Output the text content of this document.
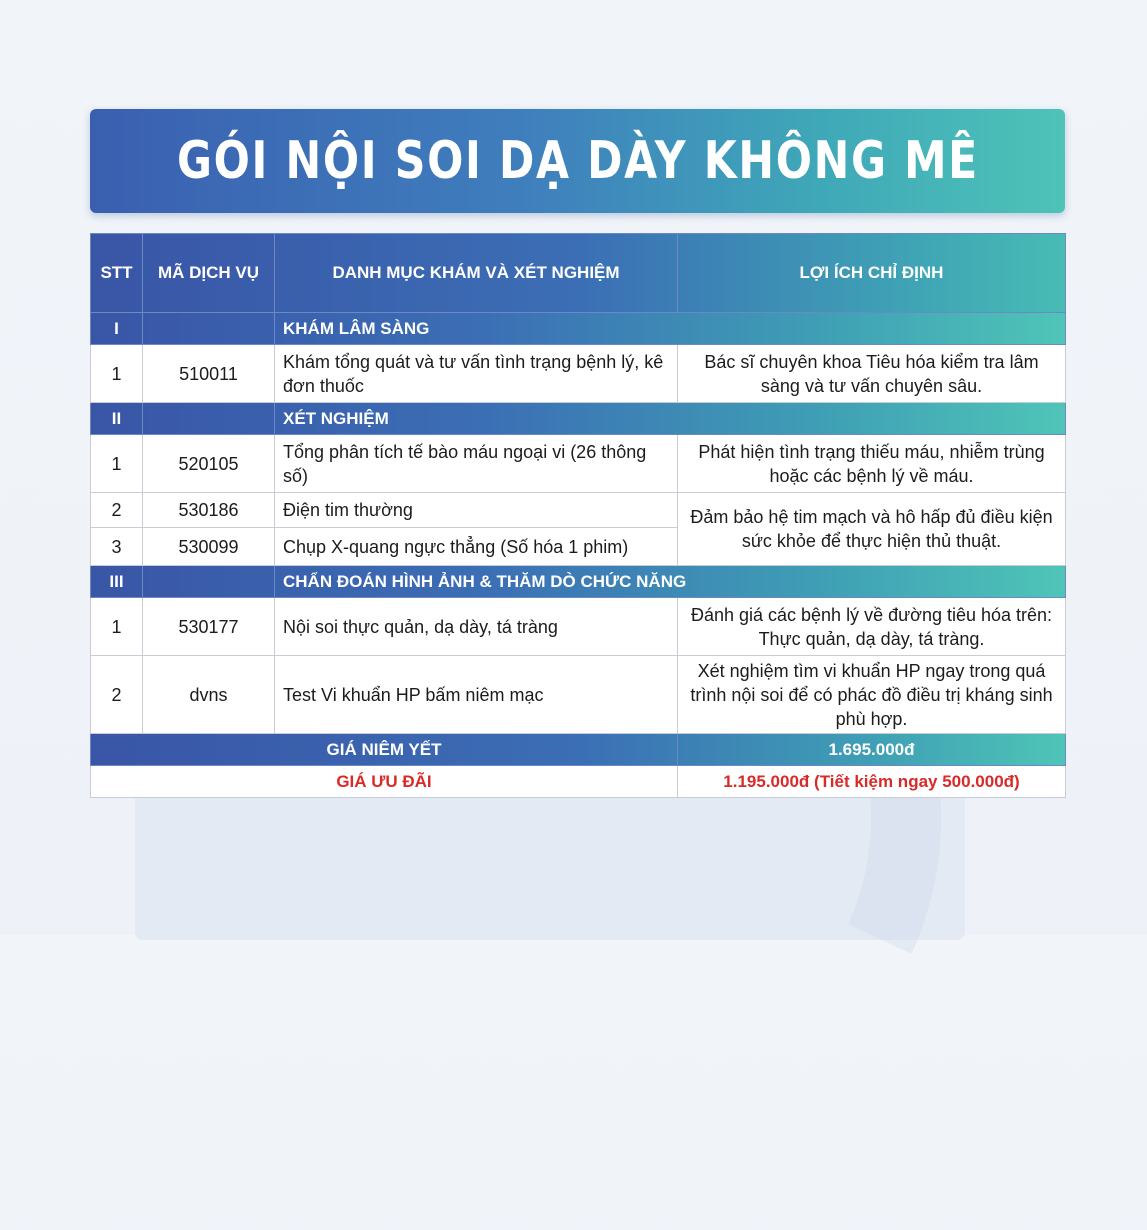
GÓI NỘI SOI DẠ DÀY KHÔNG MÊ
STT	MÃ DỊCH VỤ	DANH MỤC KHÁM VÀ XÉT NGHIỆM	LỢI ÍCH CHỈ ĐỊNH
I		KHÁM LÂM SÀNG	
1	510011	Khám tổng quát và tư vấn tình trạng bệnh lý, kê đơn thuốc	Bác sĩ chuyên khoa Tiêu hóa kiểm tra lâm sàng và tư vấn chuyên sâu.
II		XÉT NGHIỆM	
1	520105	Tổng phân tích tế bào máu ngoại vi (26 thông số)	Phát hiện tình trạng thiếu máu, nhiễm trùng hoặc các bệnh lý về máu.
2	530186	Điện tim thường	Đảm bảo hệ tim mạch và hô hấp đủ điều kiện sức khỏe để thực hiện thủ thuật.
3	530099	Chụp X-quang ngực thẳng (Số hóa 1 phim)	
III		CHẨN ĐOÁN HÌNH ẢNH & THĂM DÒ CHỨC NĂNG	
1	530177	Nội soi thực quản, dạ dày, tá tràng	Đánh giá các bệnh lý về đường tiêu hóa trên: Thực quản, dạ dày, tá tràng.
2	dvns	Test Vi khuẩn HP bấm niêm mạc	Xét nghiệm tìm vi khuẩn HP ngay trong quá trình nội soi để có phác đồ điều trị kháng sinh phù hợp.
GIÁ NIÊM YẾT			1.695.000đ
GIÁ ƯU ĐÃI			1.195.000đ (Tiết kiệm ngay 500.000đ)
